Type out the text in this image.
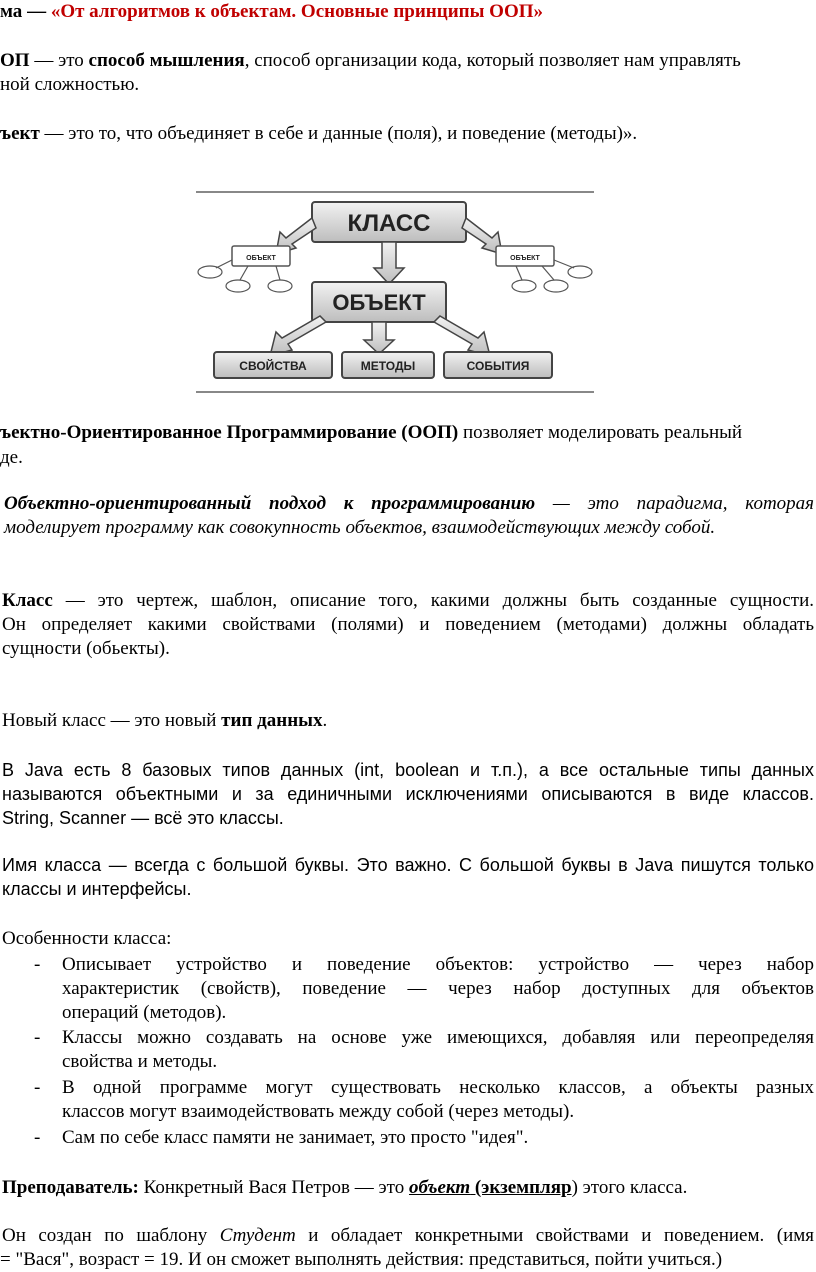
ма — «От алгоритмов к объектам. Основные принципы ООП»
ОП — это способ мышления, способ организации кода, который позволяет нам управлять
ной сложностью.
ъект — это то, что объединяет в себе и данные (поля), и поведение (методы)».
КЛАСС
ОБЪЕКТ	ОБЪЕКТ
ОБЪЕКТ
СВОЙСТВА	МЕТОДЫ	СОБЫТИЯ
ъектно-Ориентированное Программирование (ООП) позволяет моделировать реальный
де.
Объектно-ориентированный подход к программированию — это парадигма, которая
моделирует программу как совокупность объектов, взаимодействующих между собой.
Класс — это чертеж, шаблон, описание того, какими должны быть созданные сущности.
Он определяет какими свойствами (полями) и поведением (методами) должны обладать
сущности (обьекты).
Новый класс — это новый тип данных.
В Java есть 8 базовых типов данных (int, boolean и т.п.), а все остальные типы данных
называются объектными и за единичными исключениями описываются в виде классов.
String, Scanner — всё это классы.
Имя класса — всегда с большой буквы. Это важно. С большой буквы в Java пишутся только
классы и интерфейсы.
Особенности класса:
- Описывает устройство и поведение объектов: устройство — через набор
характеристик (свойств), поведение — через набор доступных для объектов
операций (методов).
- Классы можно создавать на основе уже имеющихся, добавляя или переопределяя
свойства и методы.
- В одной программе могут существовать несколько классов, а объекты разных
классов могут взаимодействовать между собой (через методы).
- Сам по себе класс памяти не занимает, это просто "идея".
Преподаватель: Конкретный Вася Петров — это объект (экземпляр) этого класса.
Он создан по шаблону Студент и обладает конкретными свойствами и поведением. (имя
= "Вася", возраст = 19. И он сможет выполнять действия: представиться, пойти учиться.)
